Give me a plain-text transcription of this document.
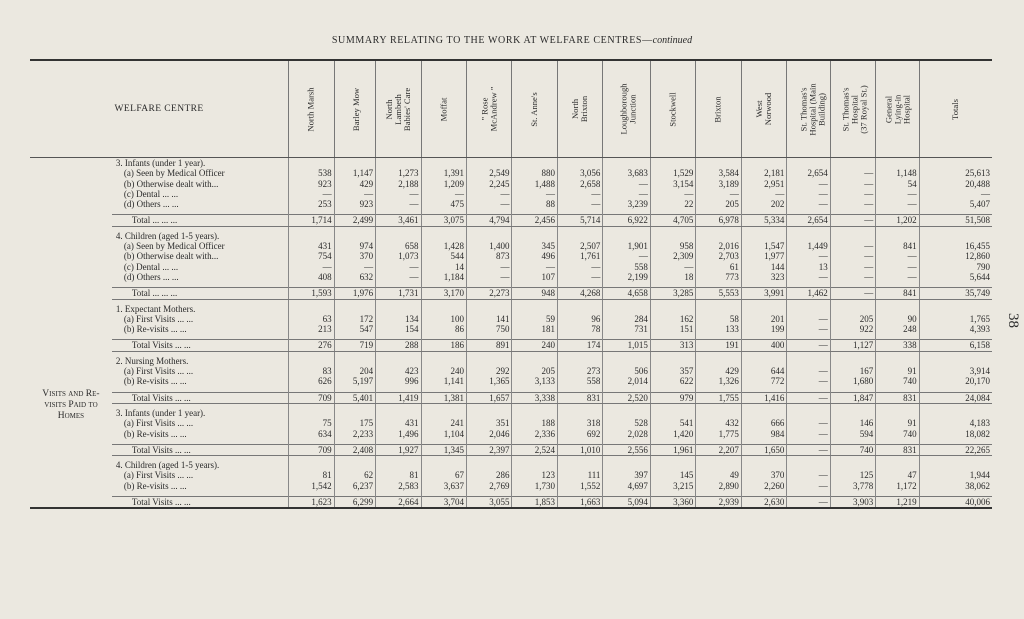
SUMMARY RELATING TO THE WORK AT WELFARE CENTRES—continued
38
WELFARE CENTRE		North Marsh	Barley Mow	North
Lambeth
Babies' Care	Moffat	" Rose
McAndrew "	St. Anne's	North
Brixton	Loughborough
Junction	Stockwell	Brixton	West
Norwood	St. Thomas's
Hospital (Main
Building)	St. Thomas's
Hospital
(37 Royal St.)	General
Lying-in
Hospital	Totals
	3. Infants (under 1 year).															
	(a) Seen by Medical Officer	538	1,147	1,273	1,391	2,549	880	3,056	3,683	1,529	3,584	2,181	2,654	—	1,148	25,613
	(b) Otherwise dealt with...	923	429	2,188	1,209	2,245	1,488	2,658	—	3,154	3,189	2,951	—	—	54	20,488
	(c) Dental ... ...	—	—	—	—	—	—	—	—	—	—	—	—	—	—	—
	(d) Others ... ...	253	923	—	475	—	88	—	3,239	22	205	202	—	—	—	5,407

	Total ... ... ...	1,714	2,499	3,461	3,075	4,794	2,456	5,714	6,922	4,705	6,978	5,334	2,654	—	1,202	51,508

	4. Children (aged 1-5 years).															
	(a) Seen by Medical Officer	431	974	658	1,428	1,400	345	2,507	1,901	958	2,016	1,547	1,449	—	841	16,455
	(b) Otherwise dealt with...	754	370	1,073	544	873	496	1,761	—	2,309	2,703	1,977	—	—	—	12,860
	(c) Dental ... ...	—	—	—	14	—	—	—	558	—	61	144	13	—	—	790
	(d) Others ... ...	408	632	—	1,184	—	107	—	2,199	18	773	323	—	—	—	5,644

	Total ... ... ...	1,593	1,976	1,731	3,170	2,273	948	4,268	4,658	3,285	5,553	3,991	1,462	—	841	35,749

Visits and Re-visits Paid to Homes	1. Expectant Mothers.															
	(a) First Visits ... ...	63	172	134	100	141	59	96	284	162	58	201	—	205	90	1,765
	(b) Re-visits ... ...	213	547	154	86	750	181	78	731	151	133	199	—	922	248	4,393

	Total Visits ... ...	276	719	288	186	891	240	174	1,015	313	191	400	—	1,127	338	6,158

	2. Nursing Mothers.															
	(a) First Visits ... ...	83	204	423	240	292	205	273	506	357	429	644	—	167	91	3,914
	(b) Re-visits ... ...	626	5,197	996	1,141	1,365	3,133	558	2,014	622	1,326	772	—	1,680	740	20,170

	Total Visits ... ...	709	5,401	1,419	1,381	1,657	3,338	831	2,520	979	1,755	1,416	—	1,847	831	24,084

	3. Infants (under 1 year).															
	(a) First Visits ... ...	75	175	431	241	351	188	318	528	541	432	666	—	146	91	4,183
	(b) Re-visits ... ...	634	2,233	1,496	1,104	2,046	2,336	692	2,028	1,420	1,775	984	—	594	740	18,082

	Total Visits ... ...	709	2,408	1,927	1,345	2,397	2,524	1,010	2,556	1,961	2,207	1,650	—	740	831	22,265

	4. Children (aged 1-5 years).															
	(a) First Visits ... ...	81	62	81	67	286	123	111	397	145	49	370	—	125	47	1,944
	(b) Re-visits ... ...	1,542	6,237	2,583	3,637	2,769	1,730	1,552	4,697	3,215	2,890	2,260	—	3,778	1,172	38,062

	Total Visits ... ...	1,623	6,299	2,664	3,704	3,055	1,853	1,663	5,094	3,360	2,939	2,630	—	3,903	1,219	40,006
